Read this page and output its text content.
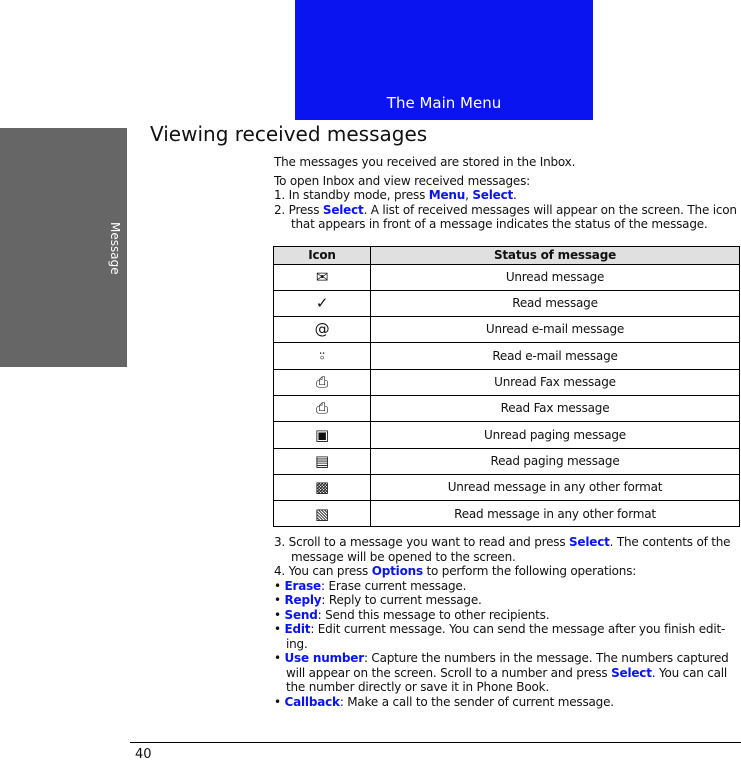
The Main Menu
Message
Viewing received messages

The messages you received are stored in the Inbox.

To open Inbox and view received messages:

1. In standby mode, press Menu, Select.

2. Press Select. A list of received messages will appear on the screen. The icon that appears in front of a message indicates the status of the message.

Icon	Status of message
✉	Unread message
✓	Read message
@	Unread e-mail message
⍤	Read e-mail message
⎙	Unread Fax message
⎙	Read Fax message
▣	Unread paging message
▤	Read paging message
▩	Unread message in any other format
▧	Read message in any other format

3. Scroll to a message you want to read and press Select. The contents of the message will be opened to the screen.

4. You can press Options to perform the following operations:

• Erase: Erase current message.

• Reply: Reply to current message.

• Send: Send this message to other recipients.

• Edit: Edit current message. You can send the message after you finish edit-ing.

• Use number: Capture the numbers in the message. The numbers captured will appear on the screen. Scroll to a number and press Select. You can call the number directly or save it in Phone Book.

• Callback: Make a call to the sender of current message.

40
